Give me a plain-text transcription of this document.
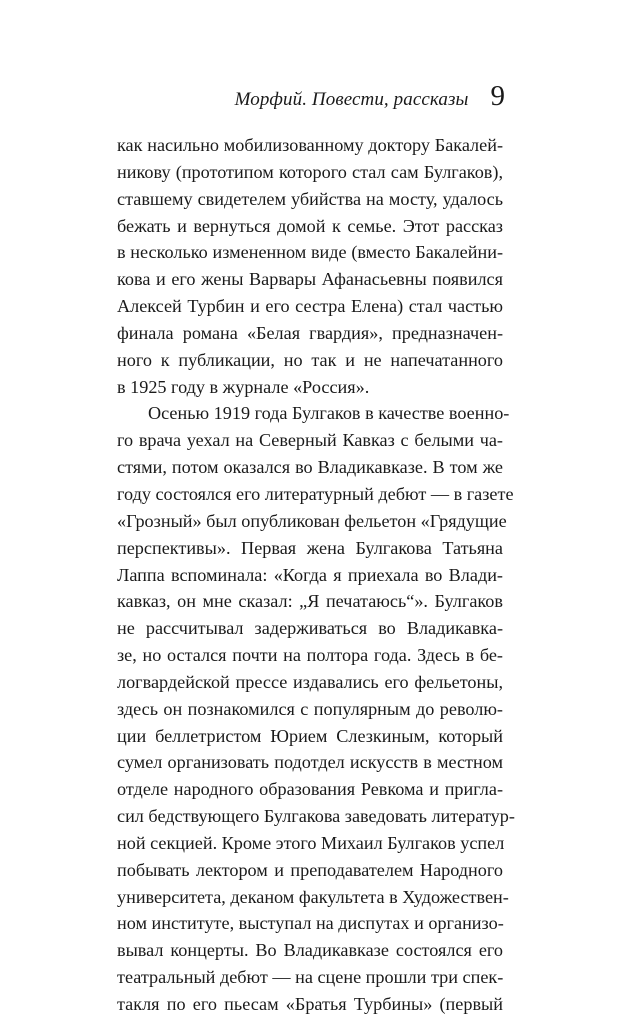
Морфий. Повести, рассказы 9

как насильно мобилизованному доктору Бакалей-
никову (прототипом которого стал сам Булгаков),
ставшему свидетелем убийства на мосту, удалось
бежать и вернуться домой к семье. Этот рассказ
в несколько измененном виде (вместо Бакалейни-
кова и его жены Варвары Афанасьевны появился
Алексей Турбин и его сестра Елена) стал частью
финала романа «Белая гвардия», предназначен-
ного к публикации, но так и не напечатанного
в 1925 году в журнале «Россия».

Осенью 1919 года Булгаков в качестве военно-
го врача уехал на Северный Кавказ с белыми ча-
стями, потом оказался во Владикавказе. В том же
году состоялся его литературный дебют — в газете
«Грозный» был опубликован фельетон «Грядущие
перспективы». Первая жена Булгакова Татьяна
Лаппа вспоминала: «Когда я приехала во Влади-
кавказ, он мне сказал: „Я печатаюсь“». Булгаков
не рассчитывал задерживаться во Владикавка-
зе, но остался почти на полтора года. Здесь в бе-
логвардейской прессе издавались его фельетоны,
здесь он познакомился с популярным до револю-
ции беллетристом Юрием Слезкиным, который
сумел организовать подотдел искусств в местном
отделе народного образования Ревкома и пригла-
сил бедствующего Булгакова заведовать литератур-
ной секцией. Кроме этого Михаил Булгаков успел
побывать лектором и преподавателем Народного
университета, деканом факультета в Художествен-
ном институте, выступал на диспутах и организо-
вывал концерты. Во Владикавказе состоялся его
театральный дебют — на сцене прошли три спек-
такля по его пьесам «Братья Турбины» (первый
